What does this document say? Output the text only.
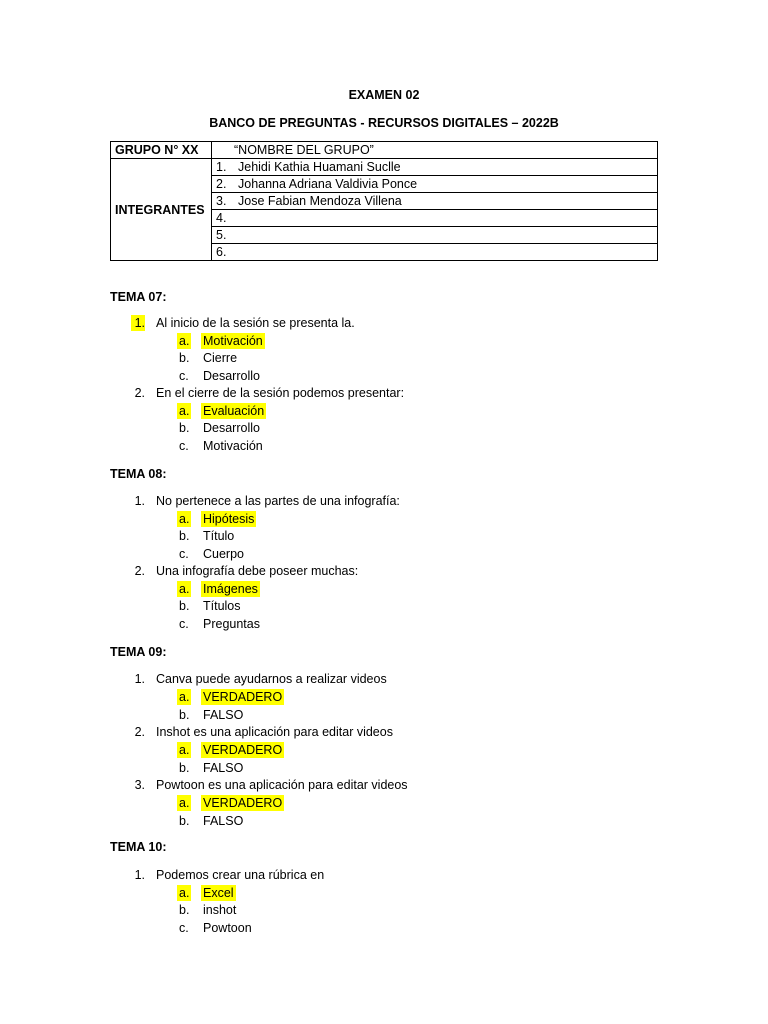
EXAMEN 02
BANCO DE PREGUNTAS - RECURSOS DIGITALES – 2022B
GRUPO N° XX	“NOMBRE DEL GRUPO”
INTEGRANTES	1. Jehidi Kathia Huamani Suclle
	2. Johanna Adriana Valdivia Ponce
	3. Jose Fabian Mendoza Villena
	4.
	5.
	6.
TEMA 07:
1. Al inicio de la sesión se presenta la.
a. Motivación
b. Cierre
c. Desarrollo
2. En el cierre de la sesión podemos presentar:
a. Evaluación
b. Desarrollo
c. Motivación
TEMA 08:
1. No pertenece a las partes de una infografía:
a. Hipótesis
b. Título
c. Cuerpo
2. Una infografía debe poseer muchas:
a. Imágenes
b. Títulos
c. Preguntas
TEMA 09:
1. Canva puede ayudarnos a realizar videos
a. VERDADERO
b. FALSO
2. Inshot es una aplicación para editar videos
a. VERDADERO
b. FALSO
3. Powtoon es una aplicación para editar videos
a. VERDADERO
b. FALSO
TEMA 10:
1. Podemos crear una rúbrica en
a. Excel
b. inshot
c. Powtoon
